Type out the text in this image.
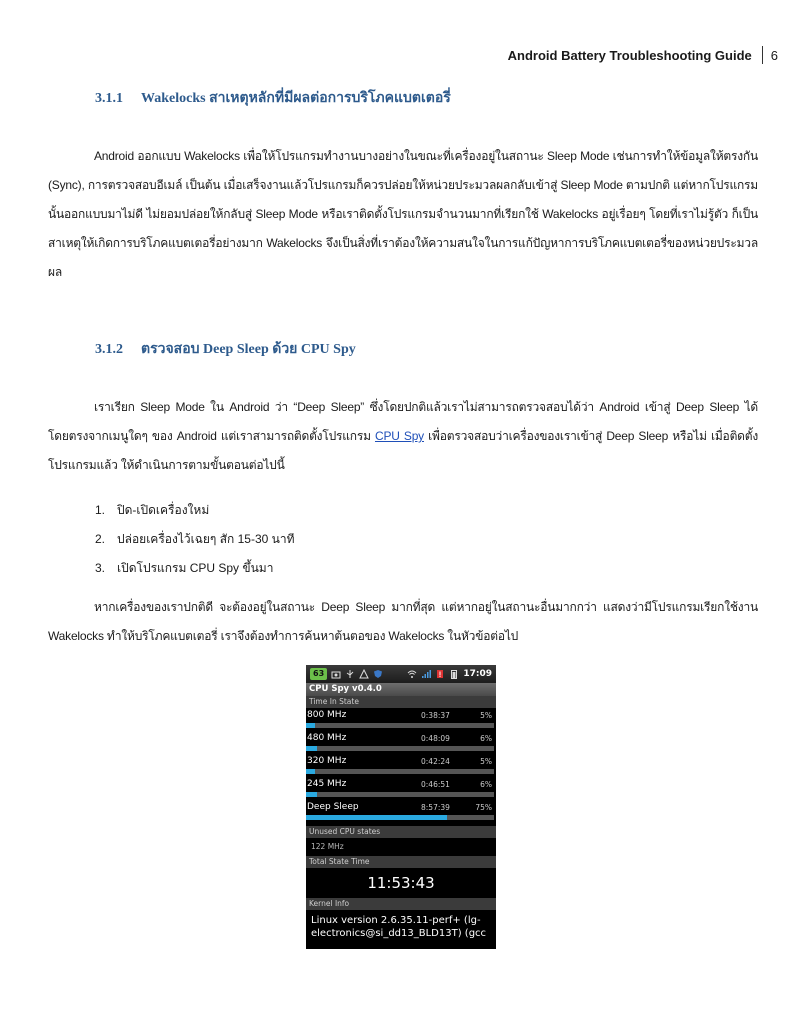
Android Battery Troubleshooting Guide	6
3.1.1 Wakelocks สาเหตุหลักที่มีผลต่อการบริโภคแบตเตอรี่

Android ออกแบบ Wakelocks เพื่อให้โปรแกรมทำงานบางอย่างในขณะที่เครื่องอยู่ในสถานะ Sleep Mode เช่นการทำให้ข้อมูลให้ตรงกัน (Sync), การตรวจสอบอีเมล์ เป็นต้น เมื่อเสร็จงานแล้วโปรแกรมก็ควรปล่อยให้หน่วยประมวลผลกลับเข้าสู่ Sleep Mode ตามปกติ แต่หากโปรแกรมนั้นออกแบบมาไม่ดี ไม่ยอมปล่อยให้กลับสู่ Sleep Mode หรือเราติดตั้งโปรแกรมจำนวนมากที่เรียกใช้ Wakelocks อยู่เรื่อยๆ โดยที่เราไม่รู้ตัว ก็เป็นสาเหตุให้เกิดการบริโภคแบตเตอรี่อย่างมาก Wakelocks จึงเป็นสิ่งที่เราต้องให้ความสนใจในการแก้ปัญหาการบริโภคแบตเตอรี่ของหน่วยประมวลผล

3.1.2 ตรวจสอบ Deep Sleep ด้วย CPU Spy

เราเรียก Sleep Mode ใน Android ว่า “Deep Sleep” ซึ่งโดยปกติแล้วเราไม่สามารถตรวจสอบได้ว่า Android เข้าสู่ Deep Sleep ได้โดยตรงจากเมนูใดๆ ของ Android แต่เราสามารถติดตั้งโปรแกรม CPU Spy เพื่อตรวจสอบว่าเครื่องของเราเข้าสู่ Deep Sleep หรือไม่ เมื่อติดตั้งโปรแกรมแล้ว ให้ดำเนินการตามขั้นตอนต่อไปนี้

1. ปิด-เปิดเครื่องใหม่
2. ปล่อยเครื่องไว้เฉยๆ สัก 15-30 นาที
3. เปิดโปรแกรม CPU Spy ขึ้นมา

หากเครื่องของเราปกติดี จะต้องอยู่ในสถานะ Deep Sleep มากที่สุด แต่หากอยู่ในสถานะอื่นมากกว่า แสดงว่ามีโปรแกรมเรียกใช้งาน Wakelocks ทำให้บริโภคแบตเตอรี่ เราจึงต้องทำการค้นหาต้นตอของ Wakelocks ในหัวข้อต่อไป

63	17:09
CPU Spy v0.4.0
Time In State
800 MHz	0:38:37	5%
480 MHz	0:48:09	6%
320 MHz	0:42:24	5%
245 MHz	0:46:51	6%
Deep Sleep	8:57:39	75%
Unused CPU states
122 MHz
Total State Time
11:53:43
Kernel Info
Linux version 2.6.35.11-perf+ (lg-electronics@si_dd13_BLD13T) (gcc
